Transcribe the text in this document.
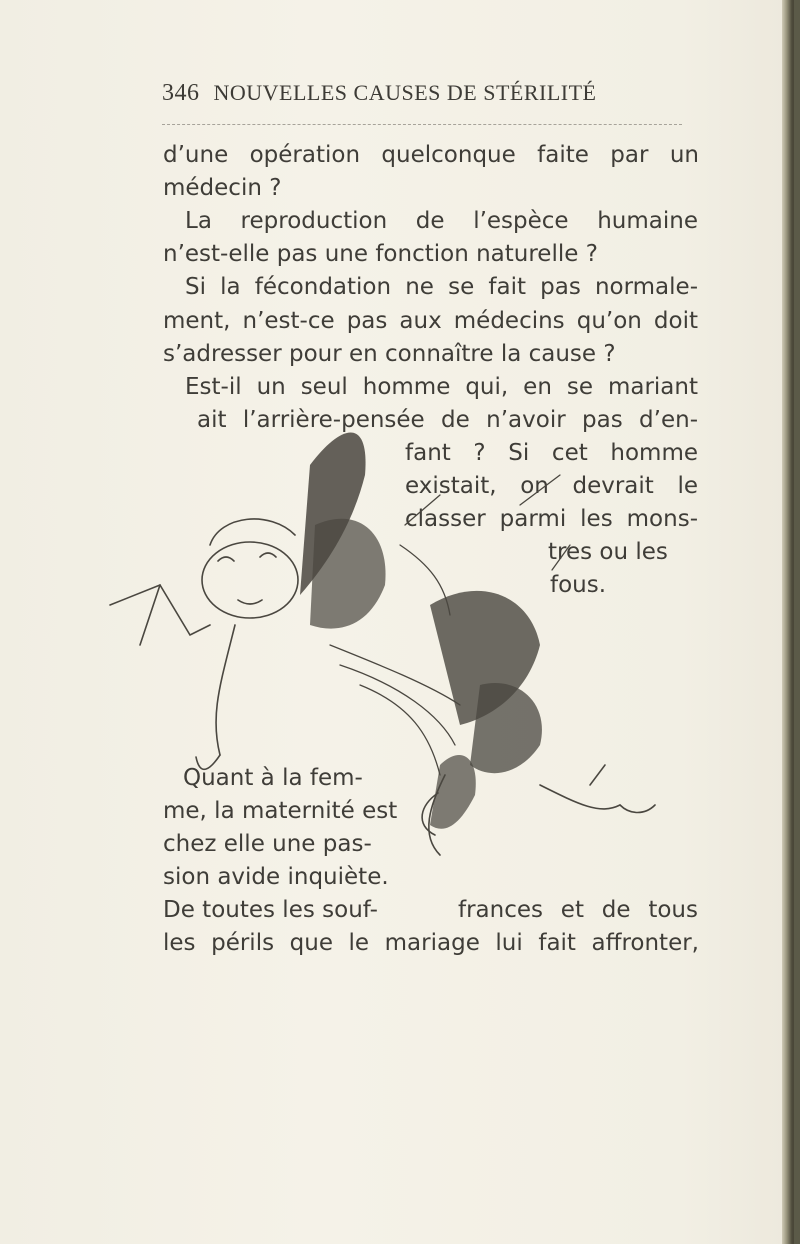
346 NOUVELLES CAUSES DE STÉRILITÉ
d’une opération quelconque faite par un
médecin ?
La reproduction de l’espèce humaine
n’est-elle pas une fonction naturelle ?
Si la fécondation ne se fait pas normale-
ment, n’est-ce pas aux médecins qu’on doit
s’adresser pour en connaître la cause ?
Est-il un seul homme qui, en se mariant
ait l’arrière-pensée de n’avoir pas d’en-
fant ? Si cet homme
existait, on devrait le
classer parmi les mons-
tres ou les
fous.
Quant à la fem-
me, la maternité est
chez elle une pas-
sion avide inquiète.
De toutes les souf-	frances et de tous
les périls que le mariage lui fait affronter,
